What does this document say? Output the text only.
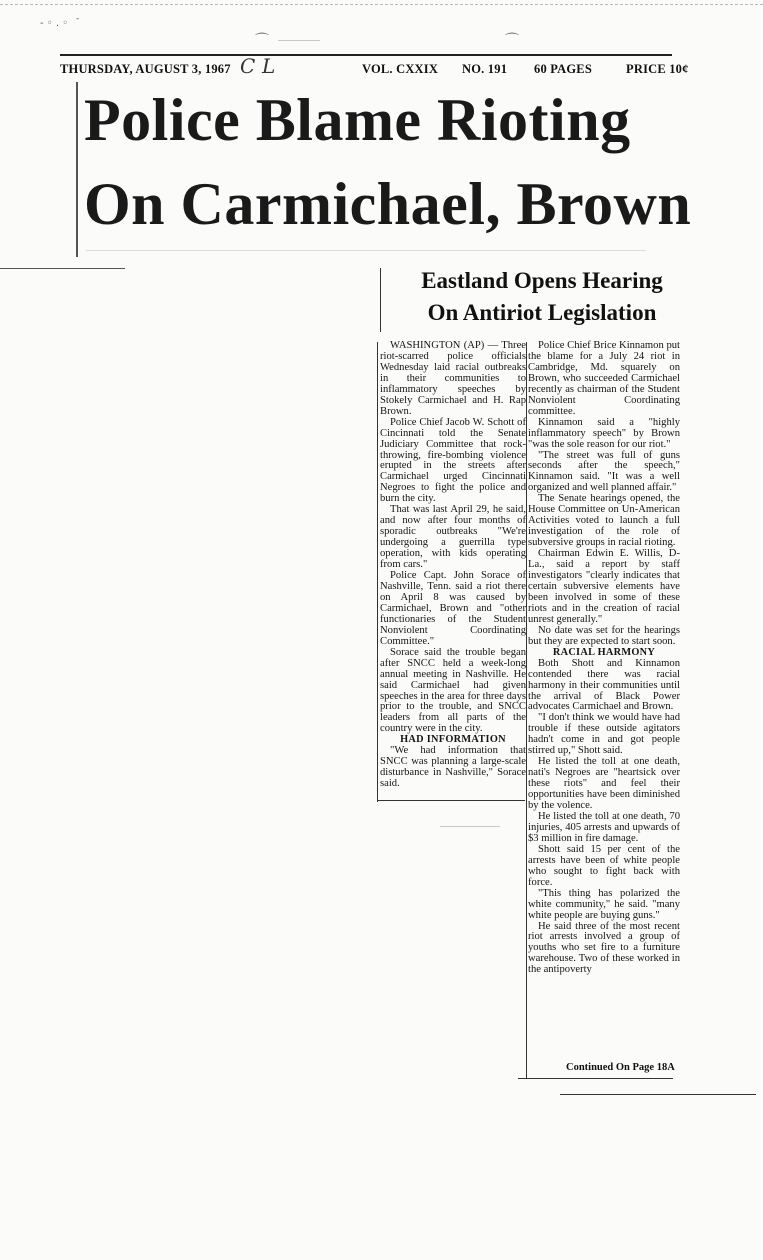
- ◦ . ◦ -
⌒	⌒
THURSDAY, AUGUST 3, 1967 C L	VOL. CXXIX NO. 191 60 PAGES	PRICE 10¢
Police Blame Rioting
On Carmichael, Brown
Eastland Opens Hearing
On Antiriot Legislation

WASHINGTON (AP) — Three riot-scarred police officials Wednesday laid racial outbreaks in their communities to inflammatory speeches by Stokely Carmichael and H. Rap Brown.

Police Chief Jacob W. Schott of Cincinnati told the Senate Judiciary Committee that rock-throwing, fire-bombing violence erupted in the streets after Carmichael urged Cincinnati Negroes to fight the police and burn the city.

That was last April 29, he said, and now after four months of sporadic outbreaks "We're undergoing a guerrilla type operation, with kids operating from cars."

Police Capt. John Sorace of Nashville, Tenn. said a riot there on April 8 was caused by Carmichael, Brown and "other functionaries of the Student Nonviolent Coordinating Committee."

Sorace said the trouble began after SNCC held a week-long annual meeting in Nashville. He said Carmichael had given speeches in the area for three days prior to the trouble, and SNCC leaders from all parts of the country were in the city.

HAD INFORMATION

"We had information that SNCC was planning a large-scale disturbance in Nashville," Sorace said.

Police Chief Brice Kinnamon put the blame for a July 24 riot in Cambridge, Md. squarely on Brown, who succeeded Carmichael recently as chairman of the Student Nonviolent Coordinating committee.

Kinnamon said a "highly inflammatory speech" by Brown "was the sole reason for our riot."

"The street was full of guns seconds after the speech," Kinnamon said. "It was a well organized and well planned affair."

The Senate hearings opened, the House Committee on Un-American Activities voted to launch a full investigation of the role of subversive groups in racial rioting.

Chairman Edwin E. Willis, D-La., said a report by staff investigators "clearly indicates that certain subversive elements have been involved in some of these riots and in the creation of racial unrest generally."

No date was set for the hearings but they are expected to start soon.

RACIAL HARMONY

Both Shott and Kinnamon contended there was racial harmony in their communities until the arrival of Black Power advocates Carmichael and Brown.

"I don't think we would have had trouble if these outside agitators hadn't come in and got people stirred up," Shott said.

He listed the toll at one death, nati's Negroes are "heartsick over these riots" and feel their opportunities have been diminished by the volence.

He listed the toll at one death, 70 injuries, 405 arrests and upwards of $3 million in fire damage.

Shott said 15 per cent of the arrests have been of white people who sought to fight back with force.

"This thing has polarized the white community," he said. "many white people are buying guns."

He said three of the most recent riot arrests involved a group of youths who set fire to a furniture warehouse. Two of these worked in the antipoverty

Continued On Page 18A
